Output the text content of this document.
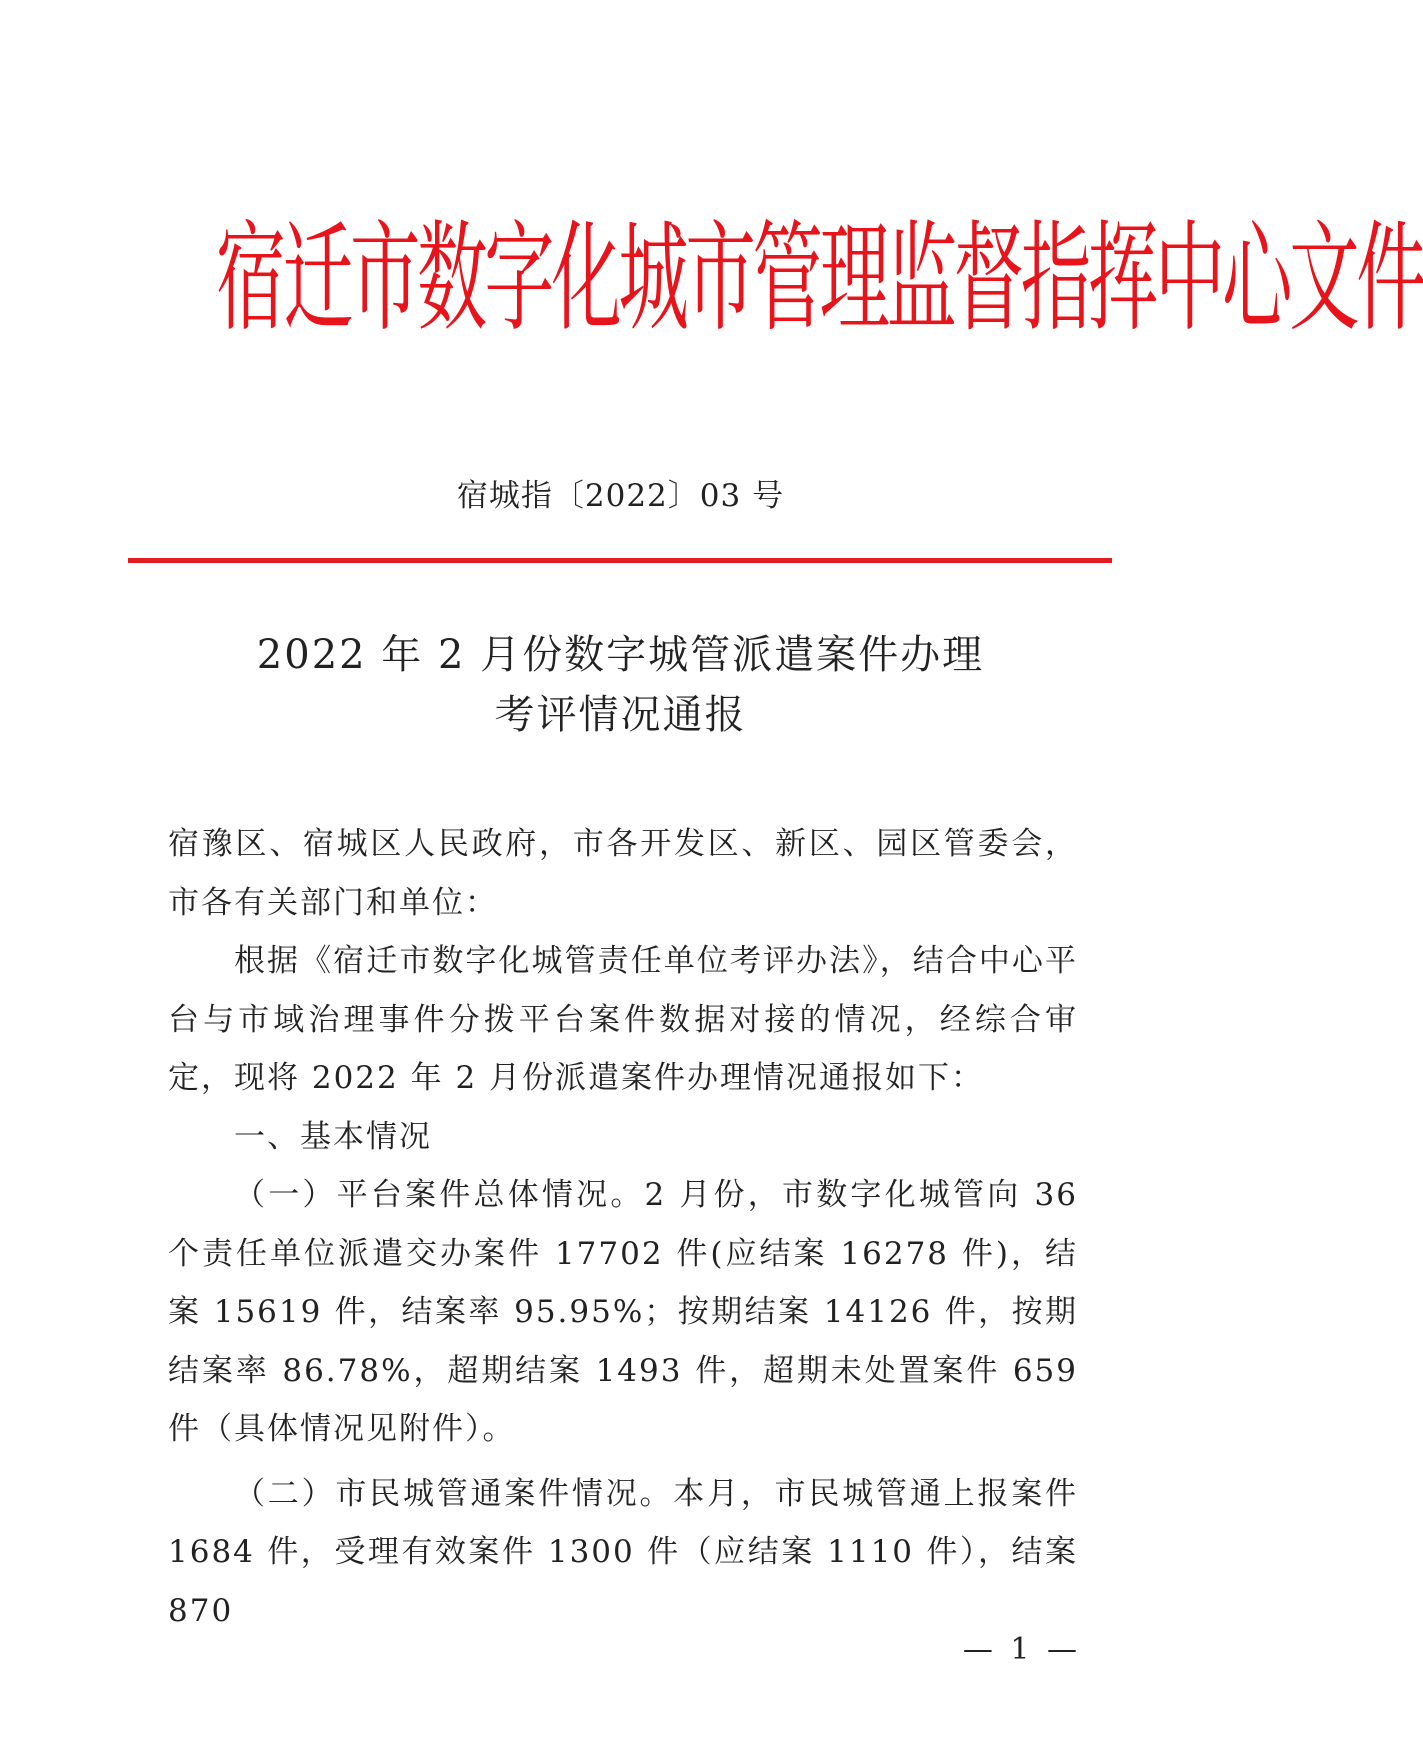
宿迁市数字化城市管理监督指挥中心文件
宿城指〔2022〕03 号
2022 年 2 月份数字城管派遣案件办理
考评情况通报

宿豫区、宿城区人民政府，市各开发区、新区、园区管委会，市各有关部门和单位：

根据《宿迁市数字化城管责任单位考评办法》，结合中心平台与市域治理事件分拨平台案件数据对接的情况，经综合审定，现将 2022 年 2 月份派遣案件办理情况通报如下：

一、基本情况

（一）平台案件总体情况。2 月份，市数字化城管向 36 个责任单位派遣交办案件 17702 件(应结案 16278 件)，结案 15619 件，结案率 95.95%；按期结案 14126 件，按期结案率 86.78%，超期结案 1493 件，超期未处置案件 659 件（具体情况见附件）。

（二）市民城管通案件情况。本月，市民城管通上报案件 1684 件，受理有效案件 1300 件（应结案 1110 件），结案 870

— 1 —
